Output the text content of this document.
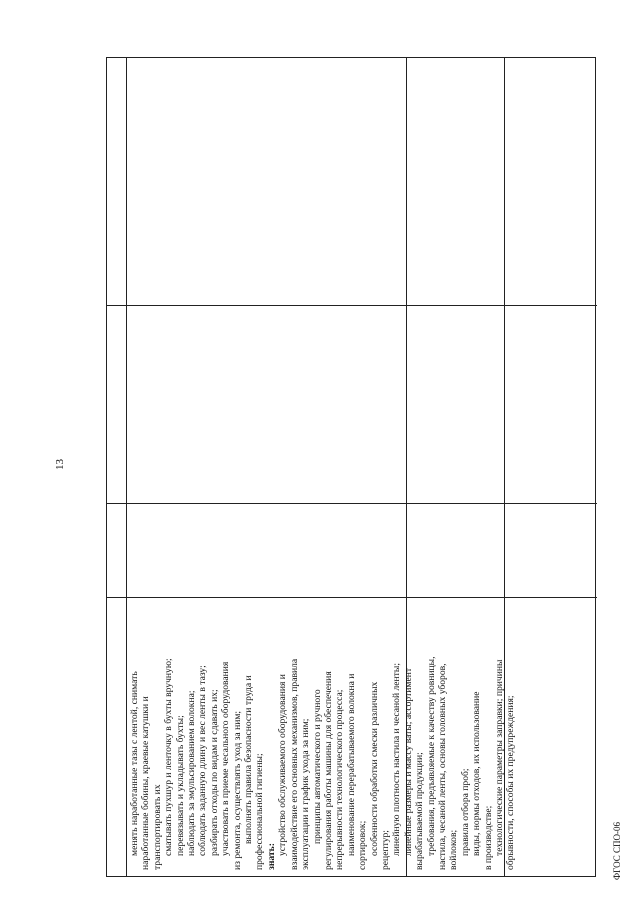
13

менять наработанные тазы с лентой, снимать наработанные бобины, краевые катушки и транспортировать их сматывать пухшур и ленточку в бухты вручную; перевязывать и укладывать бухты; наблюдать за эмульсированием волокна; соблюдать заданную длину и вес ленты в тазу; разбирать отходы по видам и сдавать их; участвовать в приеме чесального оборудования из ремонта, осуществлять уход за ним; выполнять правила безопасности труда и профессиональной гигиены; знать:

устройство обслуживаемого оборудования и взаимодействие его основных механизмов, правила эксплуатации и график ухода за ним; принципы автоматического и ручного регулирования работы машины для обеспечения непрерывности технологического процесса; наименование перерабатываемого волокна и сортировок; особенности обработки смески различных рецептур; линейную плотность настила и чесаной ленты; линейные размеры и массу ваты; ассортимент вырабатываемой продукции; требования, предъявляемые к качеству ровницы, настила, чесаной ленты, основы головных уборов, войлоков; правила отбора проб; виды, нормы отходов, их использование в производстве; технологические параметры заправки; причины обрывности, способы их предупреждения;	ФГОС СПО-06
